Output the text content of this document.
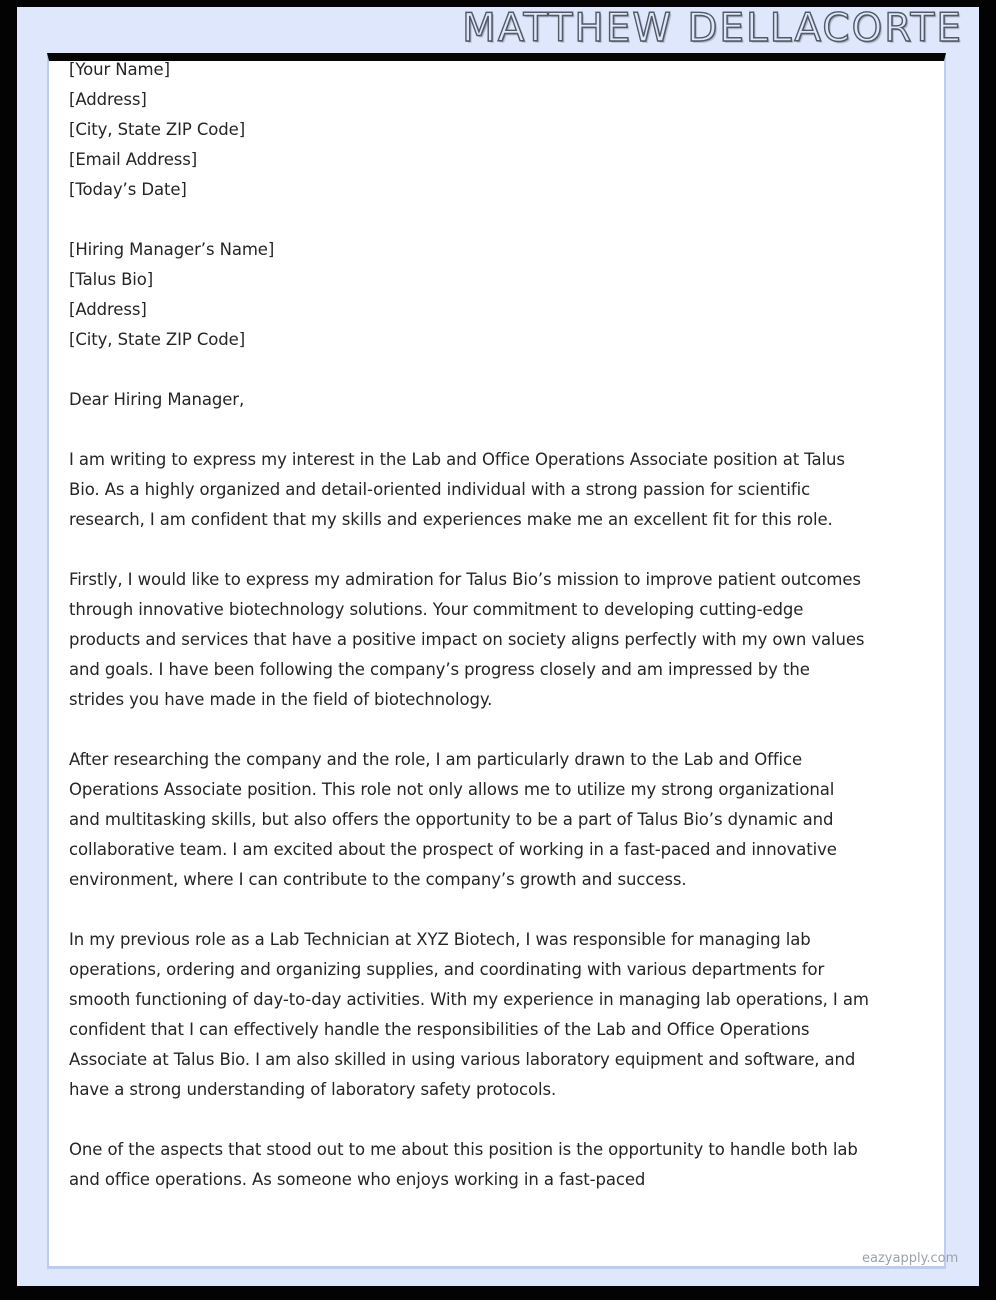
MATTHEW DELLACORTE
[Your Name]
[Address]
[City, State ZIP Code]
[Email Address]
[Today’s Date]
[Hiring Manager’s Name]
[Talus Bio]
[Address]
[City, State ZIP Code]

Dear Hiring Manager,

I am writing to express my interest in the Lab and Office Operations Associate position at Talus Bio. As a highly organized and detail-oriented individual with a strong passion for scientific research, I am confident that my skills and experiences make me an excellent fit for this role.

Firstly, I would like to express my admiration for Talus Bio’s mission to improve patient outcomes through innovative biotechnology solutions. Your commitment to developing cutting-edge products and services that have a positive impact on society aligns perfectly with my own values and goals. I have been following the company’s progress closely and am impressed by the strides you have made in the field of biotechnology.

After researching the company and the role, I am particularly drawn to the Lab and Office Operations Associate position. This role not only allows me to utilize my strong organizational and multitasking skills, but also offers the opportunity to be a part of Talus Bio’s dynamic and collaborative team. I am excited about the prospect of working in a fast-paced and innovative environment, where I can contribute to the company’s growth and success.

In my previous role as a Lab Technician at XYZ Biotech, I was responsible for managing lab operations, ordering and organizing supplies, and coordinating with various departments for smooth functioning of day-to-day activities. With my experience in managing lab operations, I am confident that I can effectively handle the responsibilities of the Lab and Office Operations Associate at Talus Bio. I am also skilled in using various laboratory equipment and software, and have a strong understanding of laboratory safety protocols.

One of the aspects that stood out to me about this position is the opportunity to handle both lab and office operations. As someone who enjoys working in a fast-paced

eazyapply.com
